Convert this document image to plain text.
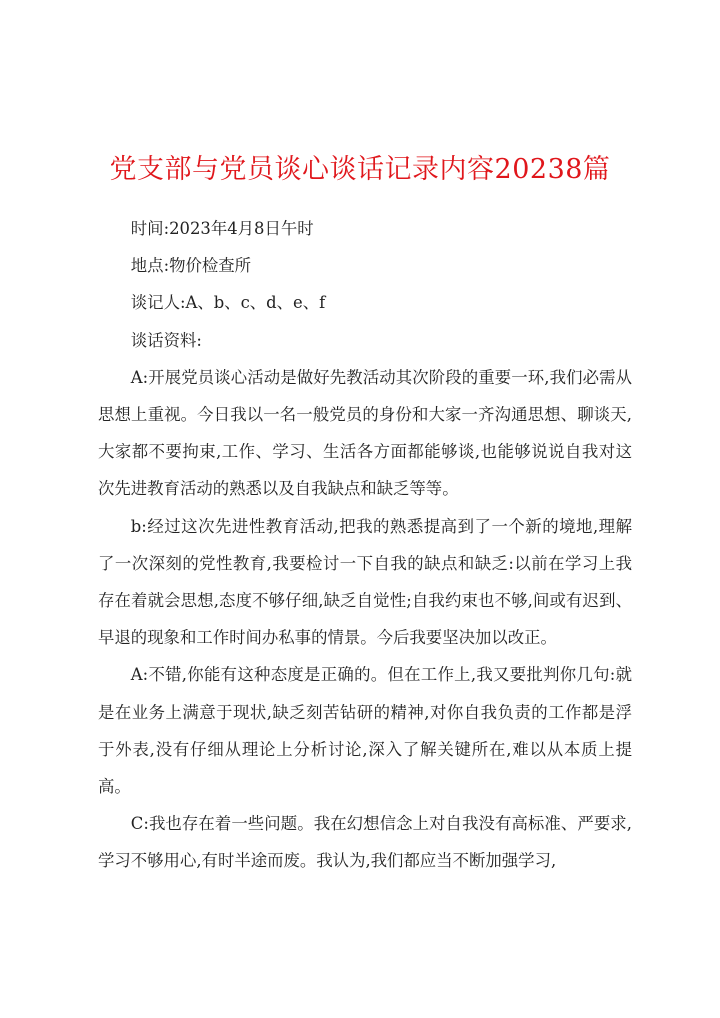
党支部与党员谈心谈话记录内容20238篇

时间:2023年4月8日午时

地点:物价检查所

谈记人:A、b、c、d、e、f

谈话资料:

A:开展党员谈心活动是做好先教活动其次阶段的重要一环,我们必需从思想上重视。今日我以一名一般党员的身份和大家一齐沟通思想、聊谈天,大家都不要拘束,工作、学习、生活各方面都能够谈,也能够说说自我对这次先进教育活动的熟悉以及自我缺点和缺乏等等。

b:经过这次先进性教育活动,把我的熟悉提高到了一个新的境地,理解了一次深刻的党性教育,我要检讨一下自我的缺点和缺乏:以前在学习上我存在着就会思想,态度不够仔细,缺乏自觉性;自我约束也不够,间或有迟到、早退的现象和工作时间办私事的情景。今后我要坚决加以改正。

A:不错,你能有这种态度是正确的。但在工作上,我又要批判你几句:就是在业务上满意于现状,缺乏刻苦钻研的精神,对你自我负责的工作都是浮于外表,没有仔细从理论上分析讨论,深入了解关键所在,难以从本质上提高。

C:我也存在着一些问题。我在幻想信念上对自我没有高标准、严要求,学习不够用心,有时半途而废。我认为,我们都应当不断加强学习,
